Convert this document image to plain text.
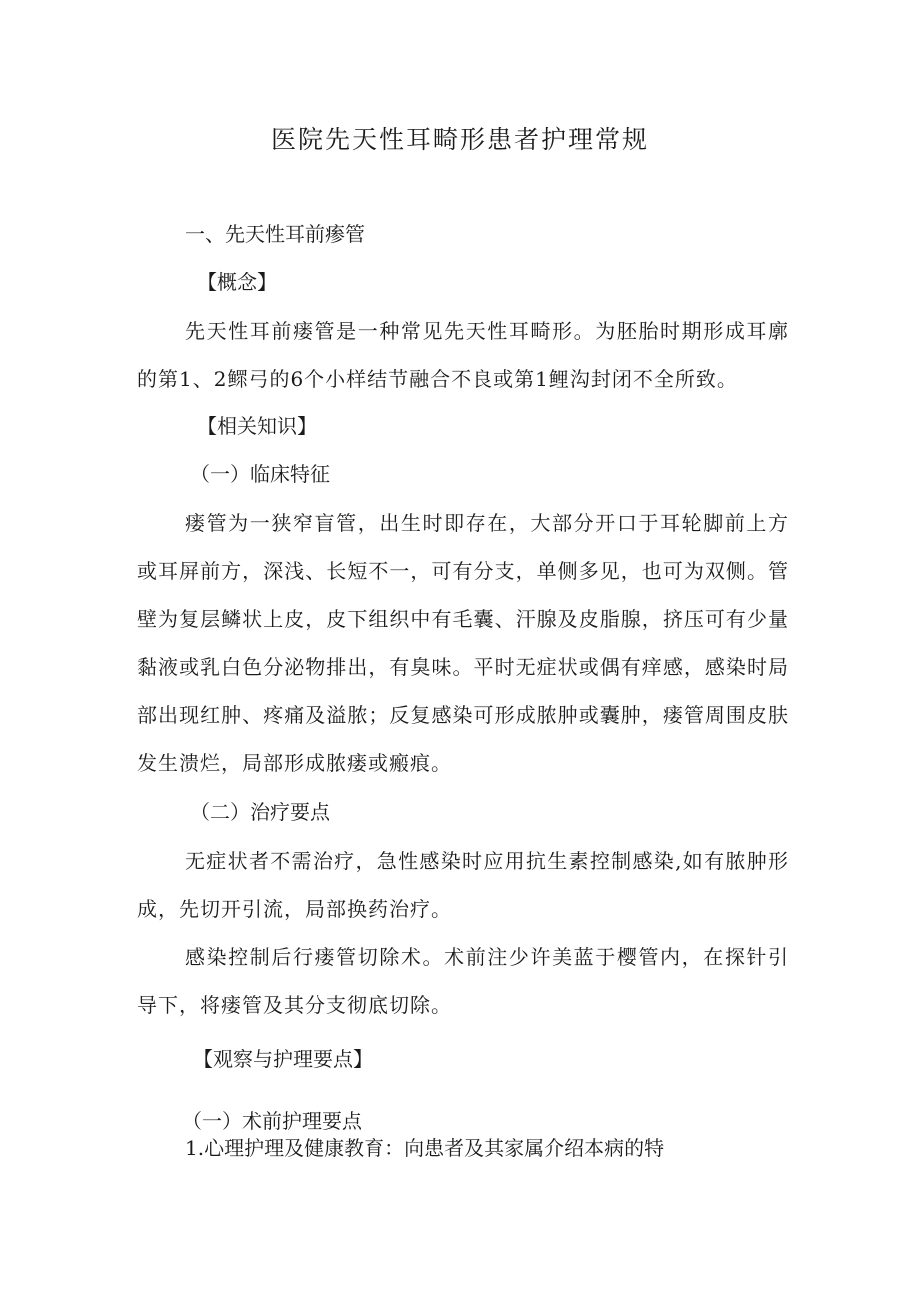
医院先天性耳畸形患者护理常规
一、先天性耳前瘆管
【概念】

先天性耳前瘘管是一种常见先天性耳畸形。为胚胎时期形成耳廓的第1、2鳏弓的6个小样结节融合不良或第1鲤沟封闭不全所致。

【相关知识】
（一）临床特征

瘘管为一狭窄盲管，出生时即存在，大部分开口于耳轮脚前上方或耳屏前方，深浅、长短不一，可有分支，单侧多见，也可为双侧。管壁为复层鳞状上皮，皮下组织中有毛囊、汗腺及皮脂腺，挤压可有少量黏液或乳白色分泌物排出，有臭味。平时无症状或偶有痒感，感染时局部出现红肿、疼痛及溢脓；反复感染可形成脓肿或囊肿，瘘管周围皮肤发生溃烂，局部形成脓瘘或瘢痕。

（二）治疗要点

无症状者不需治疗，急性感染时应用抗生素控制感染,如有脓肿形成，先切开引流，局部换药治疗。

感染控制后行瘘管切除术。术前注少许美蓝于樱管内，在探针引导下，将瘘管及其分支彻底切除。

【观察与护理要点】
（一）术前护理要点
1.心理护理及健康教育：向患者及其家属介绍本病的特
